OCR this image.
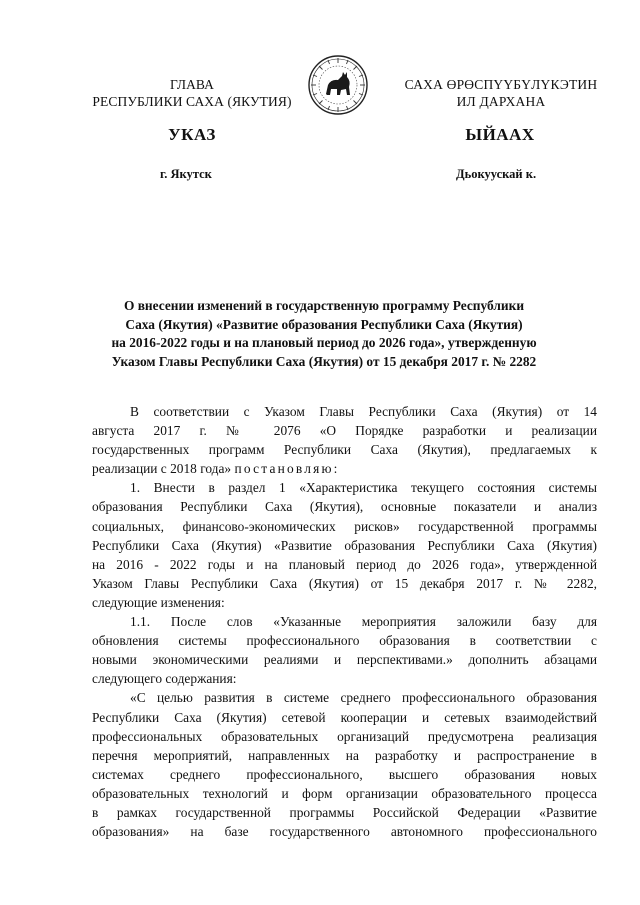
ГЛАВА
РЕСПУБЛИКИ САХА (ЯКУТИЯ)
САХА ӨРӨСПҮҮБҮЛҮКЭТИН
ИЛ ДАРХАНА
УКАЗ	ЫЙААХ
г. Якутск	Дьокуускай к.
О внесении изменений в государственную программу Республики
Саха (Якутия) «Развитие образования Республики Саха (Якутия)
на 2016-2022 годы и на плановый период до 2026 года», утвержденную
Указом Главы Республики Саха (Якутия) от 15 декабря 2017 г. № 2282
В соответствии с Указом Главы Республики Саха (Якутия) от 14
августа 2017 г. № 2076 «О Порядке разработки и реализации
государственных программ Республики Саха (Якутия), предлагаемых к
реализации с 2018 года» постановляю:
1. Внести в раздел 1 «Характеристика текущего состояния системы
образования Республики Саха (Якутия), основные показатели и анализ
социальных, финансово-экономических рисков» государственной программы
Республики Саха (Якутия) «Развитие образования Республики Саха (Якутия)
на 2016 - 2022 годы и на плановый период до 2026 года», утвержденной
Указом Главы Республики Саха (Якутия) от 15 декабря 2017 г. № 2282,
следующие изменения:
1.1. После слов «Указанные мероприятия заложили базу для
обновления системы профессионального образования в соответствии с
новыми экономическими реалиями и перспективами.» дополнить абзацами
следующего содержания:
«С целью развития в системе среднего профессионального образования
Республики Саха (Якутия) сетевой кооперации и сетевых взаимодействий
профессиональных образовательных организаций предусмотрена реализация
перечня мероприятий, направленных на разработку и распространение в
системах среднего профессионального, высшего образования новых
образовательных технологий и форм организации образовательного процесса
в рамках государственной программы Российской Федерации «Развитие
образования» на базе государственного автономного профессионального
